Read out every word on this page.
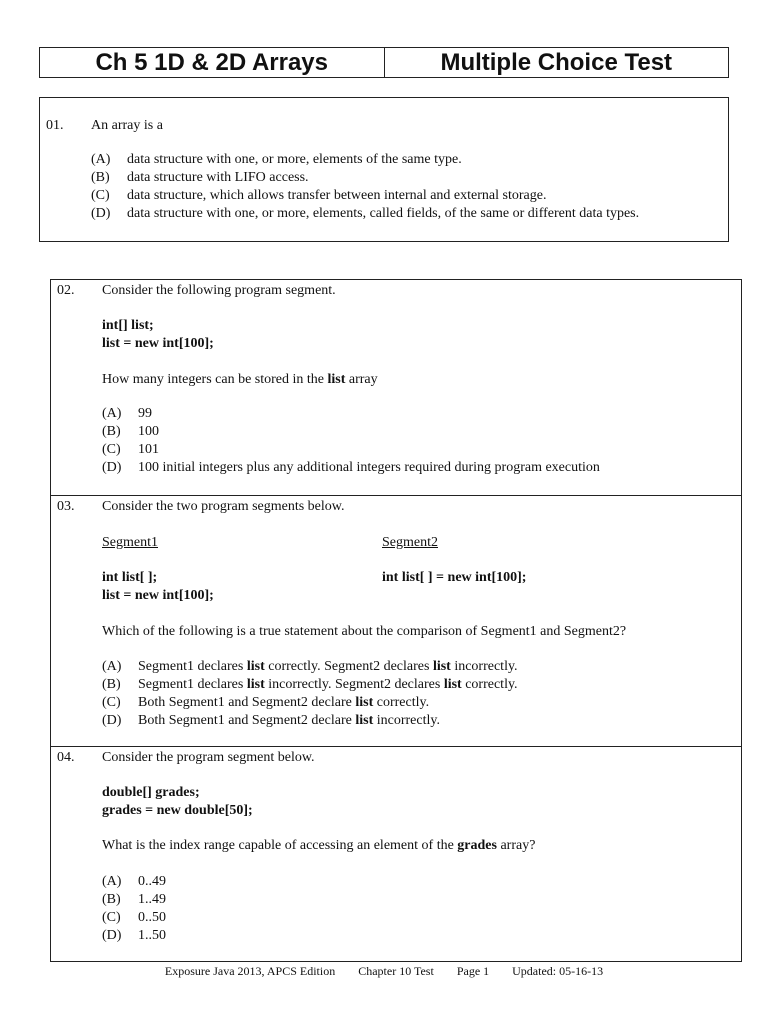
Ch 5 1D & 2D Arrays	Multiple Choice Test
01. An array is a
(A) data structure with one, or more, elements of the same type.
(B) data structure with LIFO access.
(C) data structure, which allows transfer between internal and external storage.
(D) data structure with one, or more, elements, called fields, of the same or different data types.
02. Consider the following program segment.
int[] list;
list = new int[100];
How many integers can be stored in the list array
(A) 99
(B) 100
(C) 101
(D) 100 initial integers plus any additional integers required during program execution
03. Consider the two program segments below.
Segment1	Segment2
int list[ ];
list = new int[100];
int list[ ] = new int[100];
Which of the following is a true statement about the comparison of Segment1 and Segment2?
(A) Segment1 declares list correctly. Segment2 declares list incorrectly.
(B) Segment1 declares list incorrectly. Segment2 declares list correctly.
(C) Both Segment1 and Segment2 declare list correctly.
(D) Both Segment1 and Segment2 declare list incorrectly.
04. Consider the program segment below.
double[] grades;
grades = new double[50];
What is the index range capable of accessing an element of the grades array?
(A) 0..49
(B) 1..49
(C) 0..50
(D) 1..50
Exposure Java 2013, APCS Edition Chapter 10 Test Page 1 Updated: 05-16-13
